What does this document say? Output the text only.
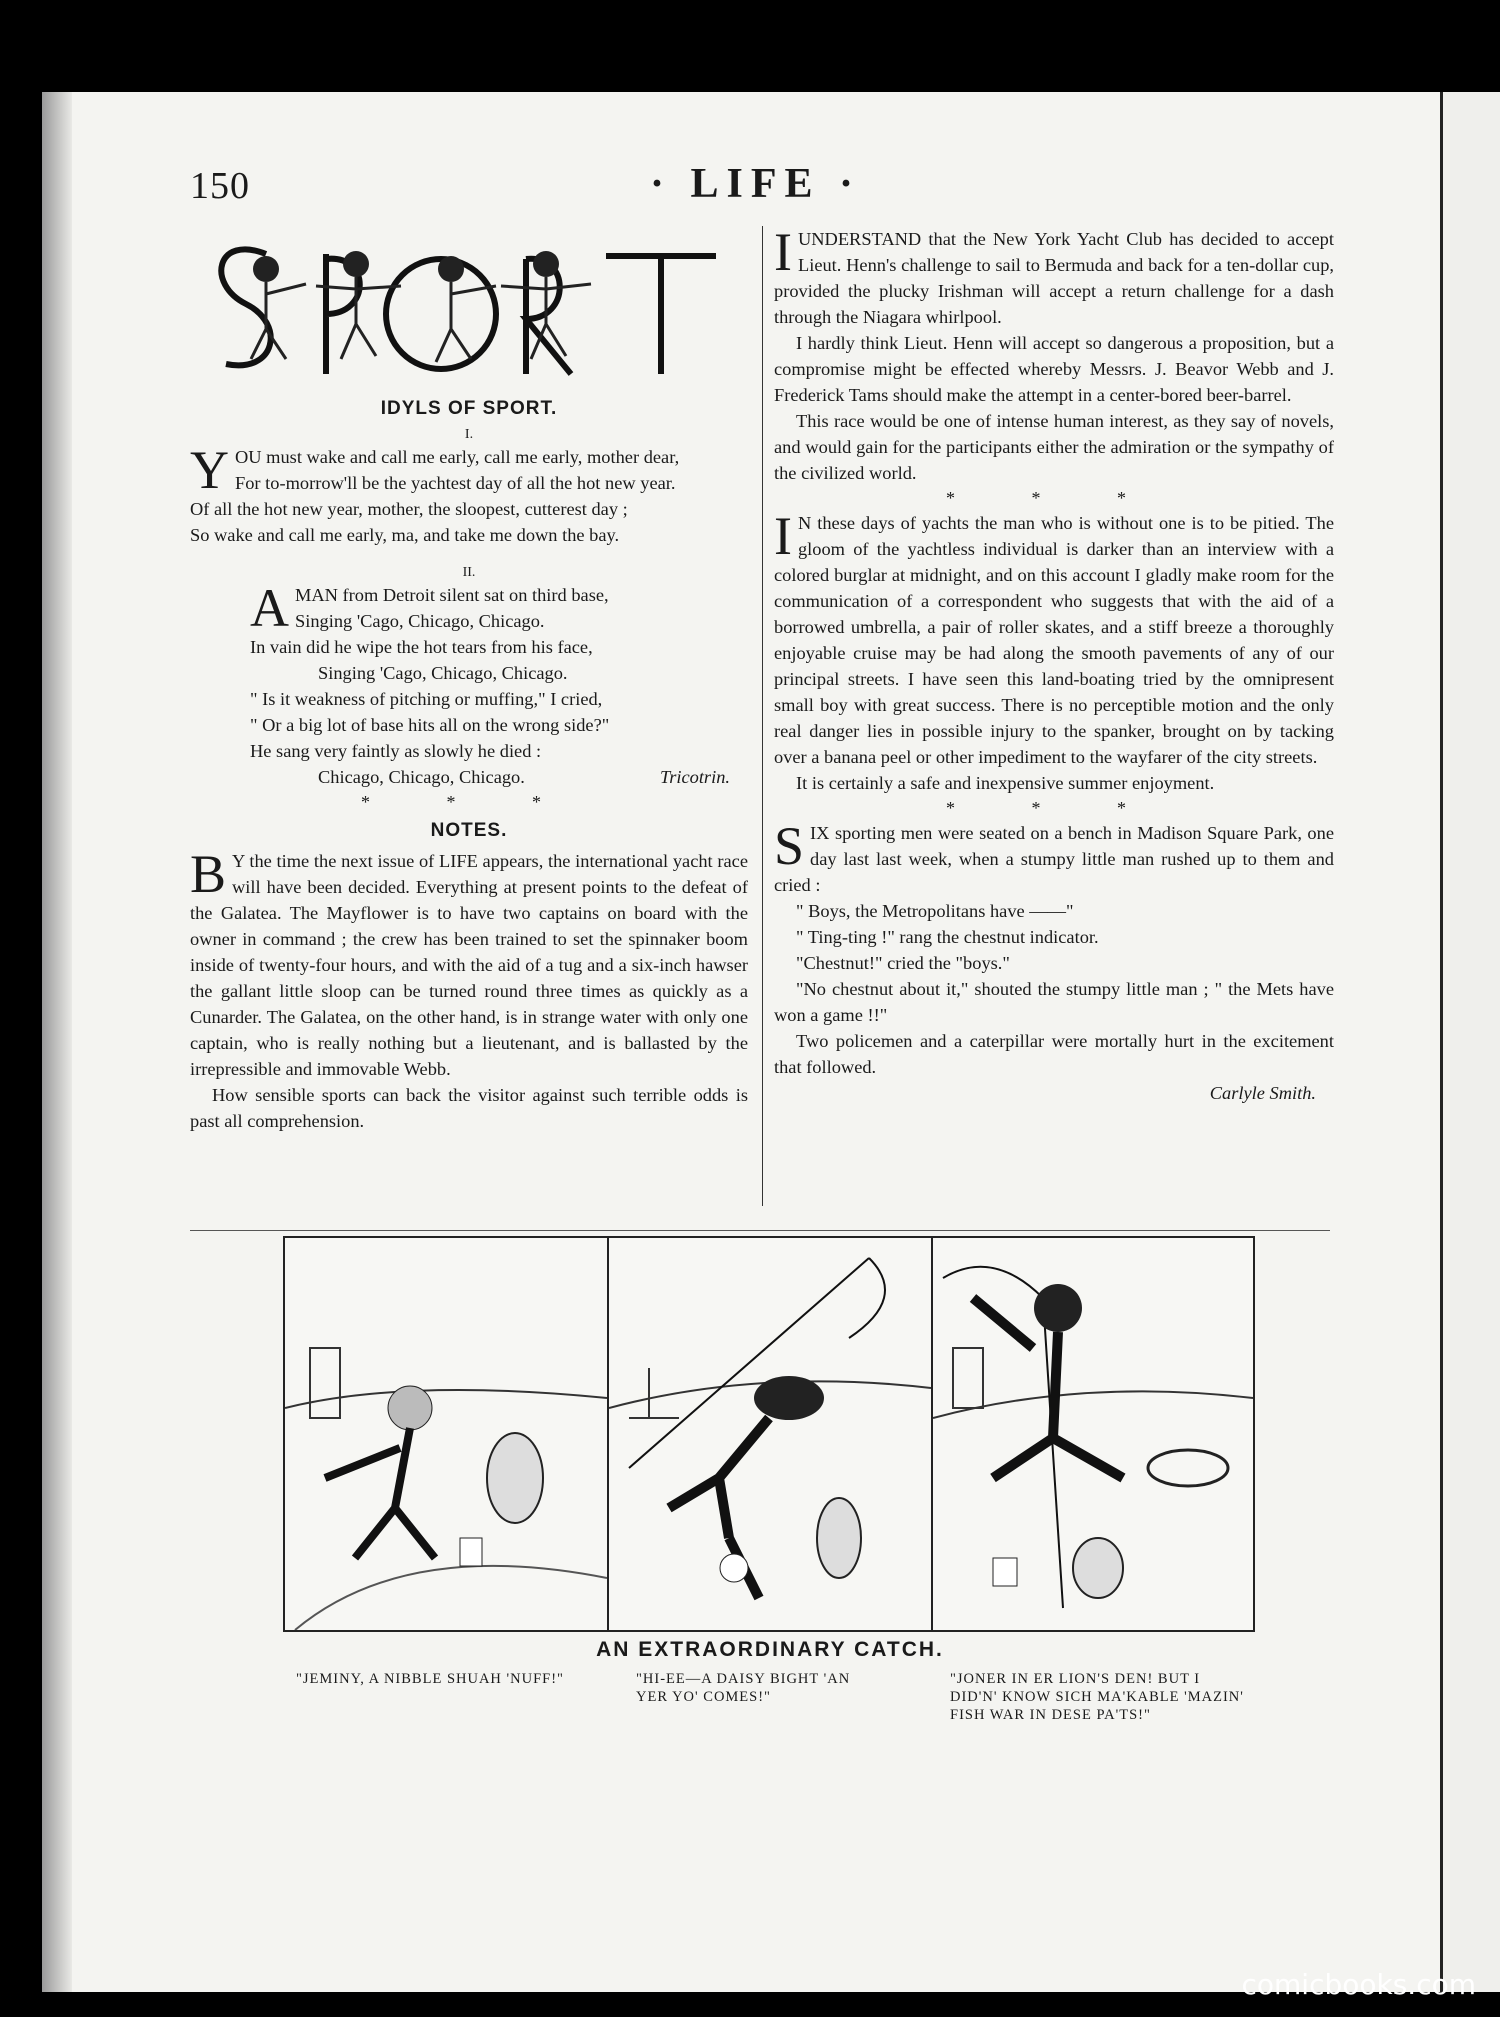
150	· LIFE ·
IDYLS OF SPORT.
I.

YOU must wake and call me early, call me early, mother dear,

For to-morrow'll be the yachtest day of all the hot new year.

Of all the hot new year, mother, the sloopest, cutterest day ;

So wake and call me early, ma, and take me down the bay.

II.

AMAN from Detroit silent sat on third base,

Singing 'Cago, Chicago, Chicago.

In vain did he wipe the hot tears from his face,

Singing 'Cago, Chicago, Chicago.

" Is it weakness of pitching or muffing," I cried,

" Or a big lot of base hits all on the wrong side?"

He sang very faintly as slowly he died :

Chicago, Chicago, Chicago.	Tricotrin.

* * *
NOTES.

B Y the time the next issue of LIFE appears, the international yacht race will have been decided. Everything at present points to the defeat of the Galatea. The Mayflower is to have two captains on board with the owner in command ; the crew has been trained to set the spinnaker boom inside of twenty-four hours, and with the aid of a tug and a six-inch hawser the gallant little sloop can be turned round three times as quickly as a Cunarder. The Galatea, on the other hand, is in strange water with only one captain, who is really nothing but a lieutenant, and is ballasted by the irrepressible and immovable Webb.

How sensible sports can back the visitor against such terrible odds is past all comprehension.

IUNDERSTAND that the New York Yacht Club has decided to accept Lieut. Henn's challenge to sail to Bermuda and back for a ten-dollar cup, provided the plucky Irishman will accept a return challenge for a dash through the Niagara whirlpool.

I hardly think Lieut. Henn will accept so dangerous a proposition, but a compromise might be effected whereby Messrs. J. Beavor Webb and J. Frederick Tams should make the attempt in a center-bored beer-barrel.

This race would be one of intense human interest, as they say of novels, and would gain for the participants either the admiration or the sympathy of the civilized world.

* * *

I N these days of yachts the man who is without one is to be pitied. The gloom of the yachtless individual is darker than an interview with a colored burglar at midnight, and on this account I gladly make room for the communication of a correspondent who suggests that with the aid of a borrowed umbrella, a pair of roller skates, and a stiff breeze a thoroughly enjoyable cruise may be had along the smooth pavements of any of our principal streets. I have seen this land-boating tried by the omnipresent small boy with great success. There is no perceptible motion and the only real danger lies in possible injury to the spanker, brought on by tacking over a banana peel or other impediment to the wayfarer of the city streets.

It is certainly a safe and inexpensive summer enjoyment.

* * *

SIX sporting men were seated on a bench in Madison Square Park, one day last last week, when a stumpy little man rushed up to them and cried :

" Boys, the Metropolitans have ——"

" Ting-ting !" rang the chestnut indicator.

"Chestnut!" cried the "boys."

"No chestnut about it," shouted the stumpy little man ; " the Mets have won a game !!"

Two policemen and a caterpillar were mortally hurt in the excitement that followed.

Carlyle Smith.

AN EXTRAORDINARY CATCH.
"JEMINY, A NIBBLE SHUAH 'NUFF!"	"HI-EE—A DAISY BIGHT 'AN YER YO' COMES!"
"JONER IN ER LION'S DEN! BUT I DID'N' KNOW SICH MA'KABLE 'MAZIN' FISH WAR IN DESE PA'TS!"
comicbooks.com
